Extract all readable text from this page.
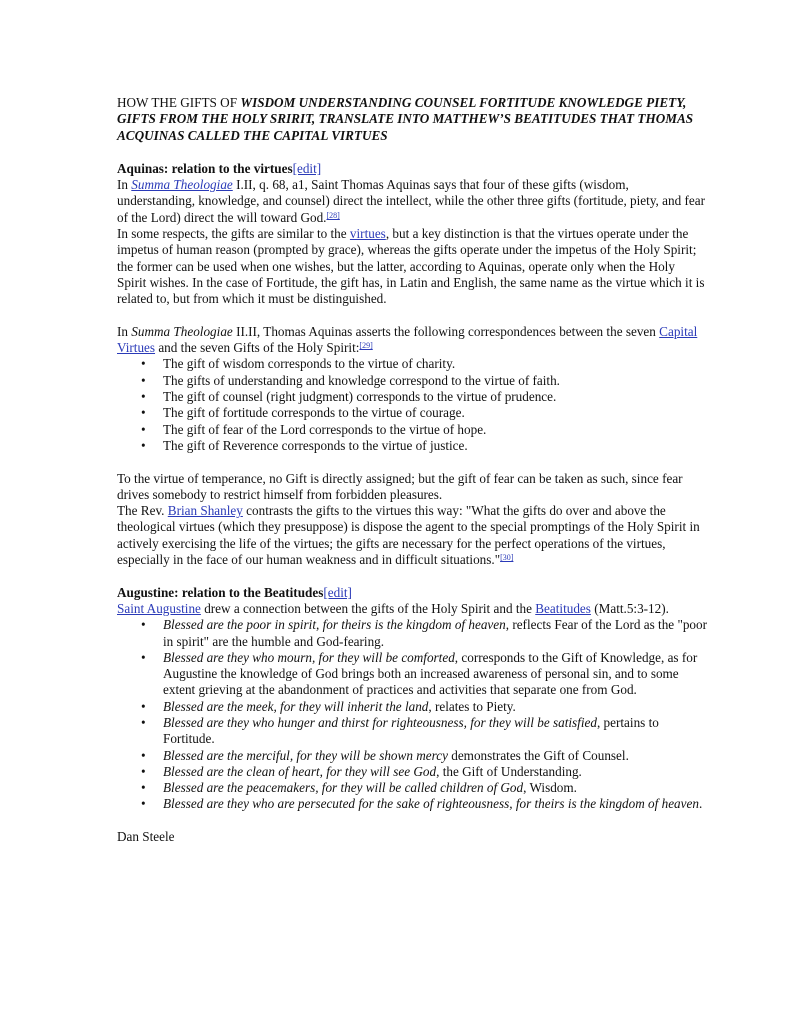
HOW THE GIFTS OF WISDOM UNDERSTANDING COUNSEL FORTITUDE KNOWLEDGE PIETY, GIFTS FROM THE HOLY SRIRIT, TRANSLATE INTO MATTHEW’S BEATITUDES THAT THOMAS ACQUINAS CALLED THE CAPITAL VIRTUES

Aquinas: relation to the virtues[edit]

In Summa Theologiae I.II, q. 68, a1, Saint Thomas Aquinas says that four of these gifts (wisdom, understanding, knowledge, and counsel) direct the intellect, while the other three gifts (fortitude, piety, and fear of the Lord) direct the will toward God.[28]

In some respects, the gifts are similar to the virtues, but a key distinction is that the virtues operate under the impetus of human reason (prompted by grace), whereas the gifts operate under the impetus of the Holy Spirit; the former can be used when one wishes, but the latter, according to Aquinas, operate only when the Holy Spirit wishes. In the case of Fortitude, the gift has, in Latin and English, the same name as the virtue which it is related to, but from which it must be distinguished.

In Summa Theologiae II.II, Thomas Aquinas asserts the following correspondences between the seven Capital Virtues and the seven Gifts of the Holy Spirit:[29]

• The gift of wisdom corresponds to the virtue of charity.
• The gifts of understanding and knowledge correspond to the virtue of faith.
• The gift of counsel (right judgment) corresponds to the virtue of prudence.
• The gift of fortitude corresponds to the virtue of courage.
• The gift of fear of the Lord corresponds to the virtue of hope.
• The gift of Reverence corresponds to the virtue of justice.

To the virtue of temperance, no Gift is directly assigned; but the gift of fear can be taken as such, since fear drives somebody to restrict himself from forbidden pleasures.

The Rev. Brian Shanley contrasts the gifts to the virtues this way: "What the gifts do over and above the theological virtues (which they presuppose) is dispose the agent to the special promptings of the Holy Spirit in actively exercising the life of the virtues; the gifts are necessary for the perfect operations of the virtues, especially in the face of our human weakness and in difficult situations."[30]

Augustine: relation to the Beatitudes[edit]

Saint Augustine drew a connection between the gifts of the Holy Spirit and the Beatitudes (Matt.5:3-12).

• Blessed are the poor in spirit, for theirs is the kingdom of heaven, reflects Fear of the Lord as the "poor in spirit" are the humble and God-fearing.
• Blessed are they who mourn, for they will be comforted, corresponds to the Gift of Knowledge, as for Augustine the knowledge of God brings both an increased awareness of personal sin, and to some extent grieving at the abandonment of practices and activities that separate one from God.
• Blessed are the meek, for they will inherit the land, relates to Piety.
• Blessed are they who hunger and thirst for righteousness, for they will be satisfied, pertains to Fortitude.
• Blessed are the merciful, for they will be shown mercy demonstrates the Gift of Counsel.
• Blessed are the clean of heart, for they will see God, the Gift of Understanding.
• Blessed are the peacemakers, for they will be called children of God, Wisdom.
• Blessed are they who are persecuted for the sake of righteousness, for theirs is the kingdom of heaven.

Dan Steele
